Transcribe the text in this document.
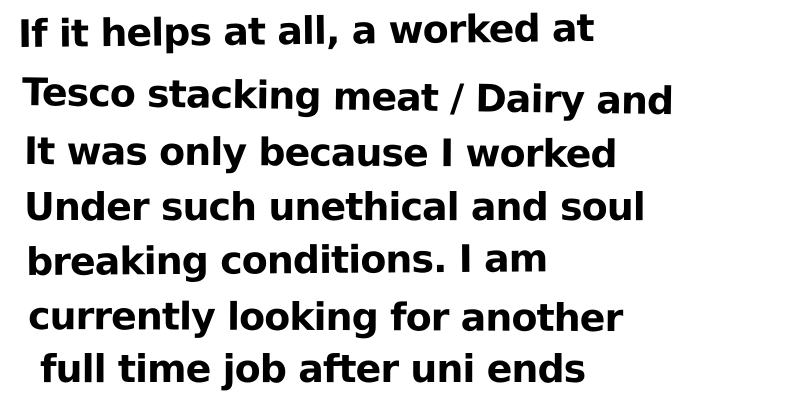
If it helps at all, a worked at
Tesco stacking meat / Dairy and
It was only because I worked
Under such unethical and soul
breaking conditions. I am
currently looking for another
full time job after uni ends
